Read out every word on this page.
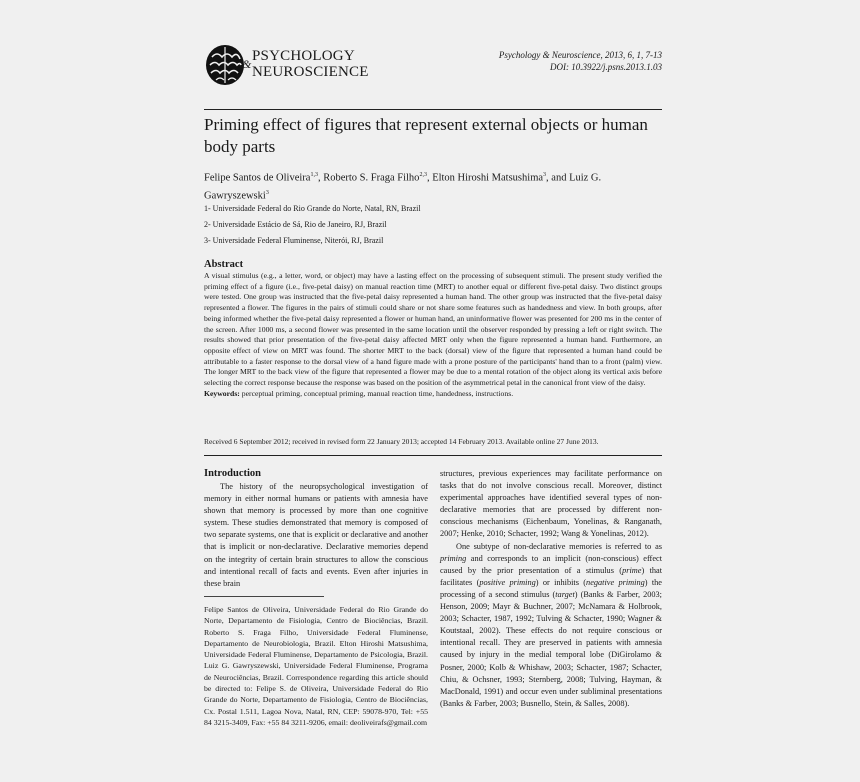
PSYCHOLOGY
NEUROSCIENCE
&
Psychology & Neuroscience, 2013, 6, 1, 7-13
DOI: 10.3922/j.psns.2013.1.03
Priming effect of figures that represent external objects or human body parts
Felipe Santos de Oliveira$^{1,3}$, Roberto S. Fraga Filho$^{2,3}$, Elton Hiroshi Matsushima$^3$, and Luiz G. Gawryszewski$^3$
1- Universidade Federal do Rio Grande do Norte, Natal, RN, Brazil
2- Universidade Estácio de Sá, Rio de Janeiro, RJ, Brazil
3- Universidade Federal Fluminense, Niterói, RJ, Brazil
Abstract
A visual stimulus (e.g., a letter, word, or object) may have a lasting effect on the processing of subsequent stimuli. The present study verified the priming effect of a figure (i.e., five-petal daisy) on manual reaction time (MRT) to another equal or different five-petal daisy. Two distinct groups were tested. One group was instructed that the five-petal daisy represented a human hand. The other group was instructed that the five-petal daisy represented a flower. The figures in the pairs of stimuli could share or not share some features such as handedness and view. In both groups, after being informed whether the five-petal daisy represented a flower or human hand, an uninformative flower was presented for 200 ms in the center of the screen. After 1000 ms, a second flower was presented in the same location until the observer responded by pressing a left or right switch. The results showed that prior presentation of the five-petal daisy affected MRT only when the figure represented a human hand. Furthermore, an opposite effect of view on MRT was found. The shorter MRT to the back (dorsal) view of the figure that represented a human hand could be attributable to a faster response to the dorsal view of a hand figure made with a prone posture of the participants' hand than to a front (palm) view. The longer MRT to the back view of the figure that represented a flower may be due to a mental rotation of the object along its vertical axis before selecting the correct response because the response was based on the position of the asymmetrical petal in the canonical front view of the daisy.
Keywords: perceptual priming, conceptual priming, manual reaction time, handedness, instructions.
Received 6 September 2012; received in revised form 22 January 2013; accepted 14 February 2013. Available online 27 June 2013.
Introduction
The history of the neuropsychological investigation of memory in either normal humans or patients with amnesia have shown that memory is processed by more than one cognitive system. These studies demonstrated that memory is composed of two separate systems, one that is explicit or declarative and another that is implicit or non-declarative. Declarative memories depend on the integrity of certain brain structures to allow the conscious and intentional recall of facts and events. Even after injuries in these brain
Felipe Santos de Oliveira, Universidade Federal do Rio Grande do Norte, Departamento de Fisiologia, Centro de Biociências, Brazil. Roberto S. Fraga Filho, Universidade Federal Fluminense, Departamento de Neurobiologia, Brazil. Elton Hiroshi Matsushima, Universidade Federal Fluminense, Departamento de Psicologia, Brazil. Luiz G. Gawryszewski, Universidade Federal Fluminense, Programa de Neurociências, Brazil. Correspondence regarding this article should be directed to: Felipe S. de Oliveira, Universidade Federal do Rio Grande do Norte, Departamento de Fisiologia, Centro de Biociências, Cx. Postal 1.511, Lagoa Nova, Natal, RN, CEP: 59078-970, Tel: +55 84 3215-3409, Fax: +55 84 3211-9206, email: deoliveirafs@gmail.com
structures, previous experiences may facilitate performance on tasks that do not involve conscious recall. Moreover, distinct experimental approaches have identified several types of non-declarative memories that are processed by different non-conscious mechanisms (Eichenbaum, Yonelinas, & Ranganath, 2007; Henke, 2010; Schacter, 1992; Wang & Yonelinas, 2012).
One subtype of non-declarative memories is referred to as priming and corresponds to an implicit (non-conscious) effect caused by the prior presentation of a stimulus (prime) that facilitates (positive priming) or inhibits (negative priming) the processing of a second stimulus (target) (Banks & Farber, 2003; Henson, 2009; Mayr & Buchner, 2007; McNamara & Holbrook, 2003; Schacter, 1987, 1992; Tulving & Schacter, 1990; Wagner & Koutstaal, 2002). These effects do not require conscious or intentional recall. They are preserved in patients with amnesia caused by injury in the medial temporal lobe (DiGirolamo & Posner, 2000; Kolb & Whishaw, 2003; Schacter, 1987; Schacter, Chiu, & Ochsner, 1993; Sternberg, 2008; Tulving, Hayman, & MacDonald, 1991) and occur even under subliminal presentations (Banks & Farber, 2003; Busnello, Stein, & Salles, 2008).
